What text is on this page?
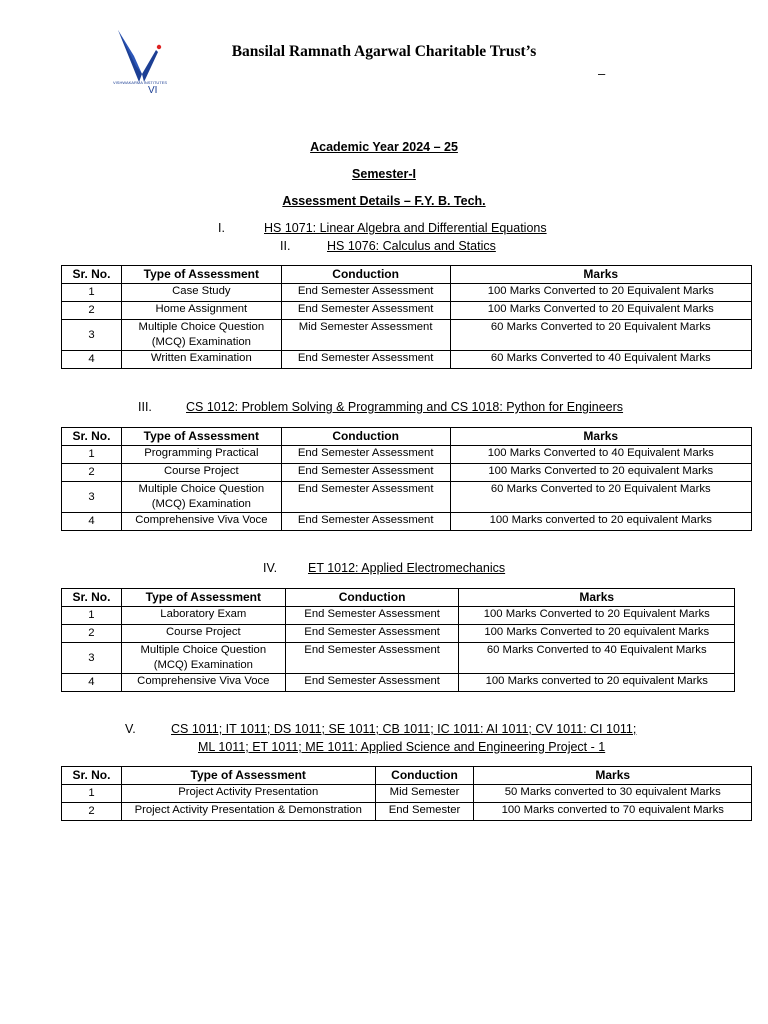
VISHWAKARMA INSTITUTES
VI
Bansilal Ramnath Agarwal Charitable Trust’s
–
Academic Year 2024 – 25
Semester-I
Assessment Details – F.Y. B. Tech.
I.	HS 1071: Linear Algebra and Differential Equations
II.	HS 1076: Calculus and Statics
Sr. No.	Type of Assessment	Conduction	Marks
1	Case Study	End Semester Assessment	100 Marks Converted to 20 Equivalent Marks
2	Home Assignment	End Semester Assessment	100 Marks Converted to 20 Equivalent Marks
3	Multiple Choice Question (MCQ) Examination	Mid Semester Assessment	60 Marks Converted to 20 Equivalent Marks
4	Written Examination	End Semester Assessment	60 Marks Converted to 40 Equivalent Marks
III.	CS 1012: Problem Solving & Programming and CS 1018: Python for Engineers
Sr. No.	Type of Assessment	Conduction	Marks
1	Programming Practical	End Semester Assessment	100 Marks Converted to 40 Equivalent Marks
2	Course Project	End Semester Assessment	100 Marks Converted to 20 equivalent Marks
3	Multiple Choice Question (MCQ) Examination	End Semester Assessment	60 Marks Converted to 20 Equivalent Marks
4	Comprehensive Viva Voce	End Semester Assessment	100 Marks converted to 20 equivalent Marks
IV. ET 1012: Applied Electromechanics
Sr. No.	Type of Assessment	Conduction	Marks
1	Laboratory Exam	End Semester Assessment	100 Marks Converted to 20 Equivalent Marks
2	Course Project	End Semester Assessment	100 Marks Converted to 20 equivalent Marks
3	Multiple Choice Question (MCQ) Examination	End Semester Assessment	60 Marks Converted to 40 Equivalent Marks
4	Comprehensive Viva Voce	End Semester Assessment	100 Marks converted to 20 equivalent Marks
V.	CS 1011; IT 1011; DS 1011; SE 1011; CB 1011; IC 1011: AI 1011; CV 1011: CI 1011;
ML 1011; ET 1011; ME 1011: Applied Science and Engineering Project - 1
Sr. No.	Type of Assessment	Conduction	Marks
1	Project Activity Presentation	Mid Semester	50 Marks converted to 30 equivalent Marks
2	Project Activity Presentation & Demonstration	End Semester	100 Marks converted to 70 equivalent Marks
